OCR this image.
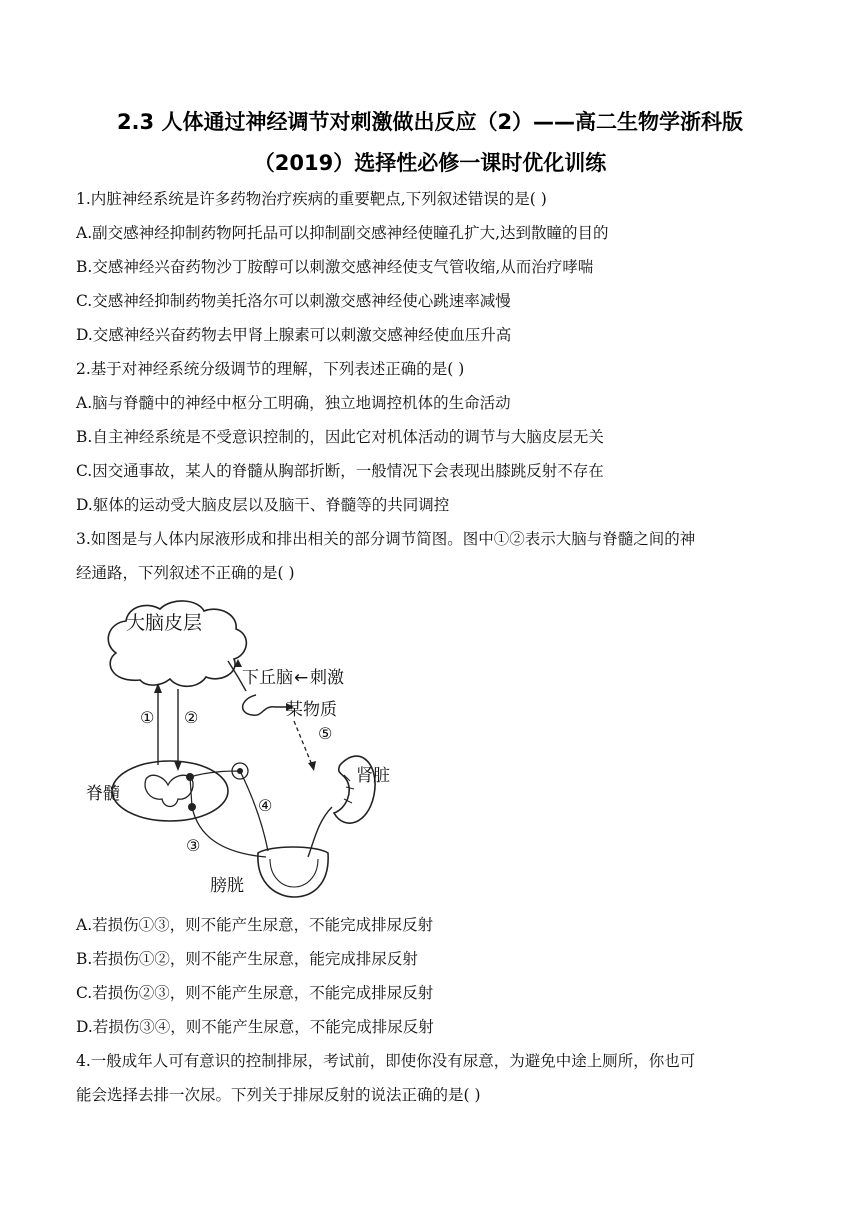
2.3 人体通过神经调节对刺激做出反应（2）——高二生物学浙科版
（2019）选择性必修一课时优化训练
1.内脏神经系统是许多药物治疗疾病的重要靶点,下列叙述错误的是( )
A.副交感神经抑制药物阿托品可以抑制副交感神经使瞳孔扩大,达到散瞳的目的
B.交感神经兴奋药物沙丁胺醇可以刺激交感神经使支气管收缩,从而治疗哮喘
C.交感神经抑制药物美托洛尔可以刺激交感神经使心跳速率减慢
D.交感神经兴奋药物去甲肾上腺素可以刺激交感神经使血压升高
2.基于对神经系统分级调节的理解，下列表述正确的是( )
A.脑与脊髓中的神经中枢分工明确，独立地调控机体的生命活动
B.自主神经系统是不受意识控制的，因此它对机体活动的调节与大脑皮层无关
C.因交通事故，某人的脊髓从胸部折断，一般情况下会表现出膝跳反射不存在
D.躯体的运动受大脑皮层以及脑干、脊髓等的共同调控
3.如图是与人体内尿液形成和排出相关的部分调节简图。图中①②表示大脑与脊髓之间的神
经通路，下列叙述不正确的是( )
大脑皮层
下丘脑 ← 刺激
某物质
⑤
① ②
脊髓
④
③
肾脏
膀胱
A.若损伤①③，则不能产生尿意，不能完成排尿反射
B.若损伤①②，则不能产生尿意，能完成排尿反射
C.若损伤②③，则不能产生尿意，不能完成排尿反射
D.若损伤③④，则不能产生尿意，不能完成排尿反射
4.一般成年人可有意识的控制排尿，考试前，即使你没有尿意，为避免中途上厕所，你也可
能会选择去排一次尿。下列关于排尿反射的说法正确的是( )
